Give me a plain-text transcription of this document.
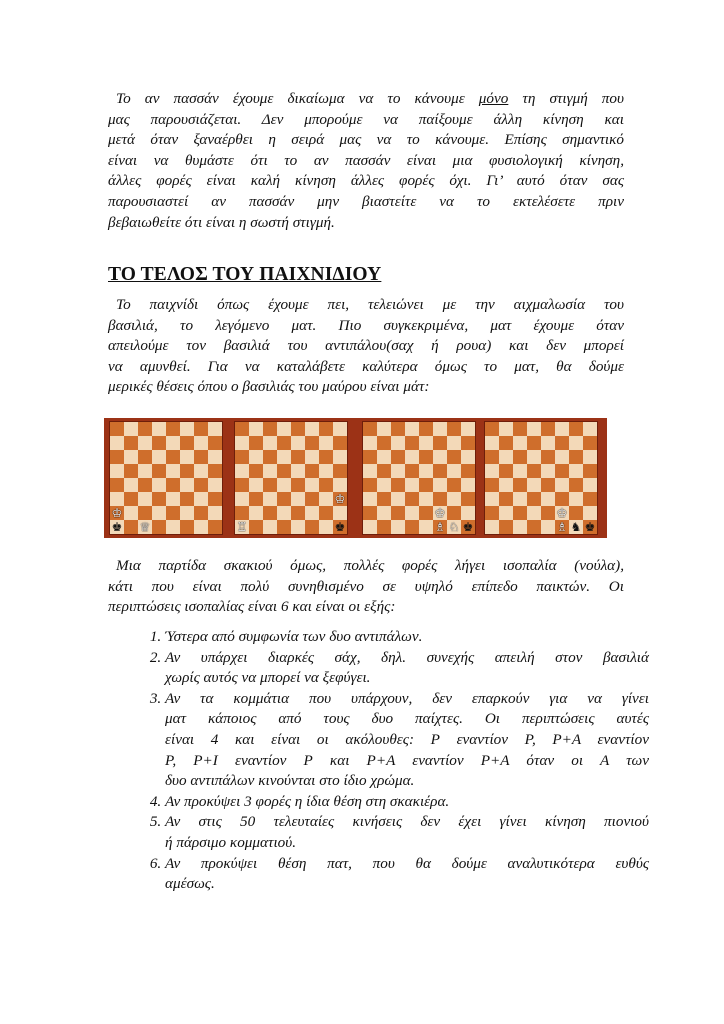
Το αν πασσάν έχουμε δικαίωμα να το κάνουμε μόνο τη στιγμή που
μας παρουσιάζεται. Δεν μπορούμε να παίξουμε άλλη κίνηση και
μετά όταν ξαναέρθει η σειρά μας να το κάνουμε. Επίσης σημαντικό
είναι να θυμάστε ότι το αν πασσάν είναι μια φυσιολογική κίνηση,
άλλες φορές είναι καλή κίνηση άλλες φορές όχι. Γι’ αυτό όταν σας
παρουσιαστεί αν πασσάν μην βιαστείτε να το εκτελέσετε πριν
βεβαιωθείτε ότι είναι η σωστή στιγμή.
ΤΟ ΤΕΛΟΣ ΤΟΥ ΠΑΙΧΝΙΔΙΟΥ
Το παιχνίδι όπως έχουμε πει, τελειώνει με την αιχμαλωσία του
βασιλιά, το λεγόμενο ματ. Πιο συγκεκριμένα, ματ έχουμε όταν
απειλούμε τον βασιλιά του αντιπάλου(σαχ ή ρουα) και δεν μπορεί
να αμυνθεί. Για να καταλάβετε καλύτερα όμως το ματ, θα δούμε
μερικές θέσεις όπου ο βασιλιάς του μαύρου είναι μάτ:
♔
♚ ♕
♔
♖	♚
♔
♗ ♘ ♚
♔
♗ ♞ ♚
Μια παρτίδα σκακιού όμως, πολλές φορές λήγει ισοπαλία (νούλα),
κάτι που είναι πολύ συνηθισμένο σε υψηλό επίπεδο παικτών. Οι
περιπτώσεις ισοπαλίας είναι 6 και είναι οι εξής:
1. Ύστερα από συμφωνία των δυο αντιπάλων.
2. Αν υπάρχει διαρκές σάχ, δηλ. συνεχής απειλή στον βασιλιά
χωρίς αυτός να μπορεί να ξεφύγει.
3. Αν τα κομμάτια που υπάρχουν, δεν επαρκούν για να γίνει
ματ κάποιος από τους δυο παίχτες. Οι περιπτώσεις αυτές
είναι 4 και είναι οι ακόλουθες: Ρ εναντίον Ρ, Ρ+Α εναντίον
Ρ, Ρ+Ι εναντίον Ρ και Ρ+Α εναντίον Ρ+Α όταν οι Α των
δυο αντιπάλων κινούνται στο ίδιο χρώμα.
4. Αν προκύψει 3 φορές η ίδια θέση στη σκακιέρα.
5. Αν στις 50 τελευταίες κινήσεις δεν έχει γίνει κίνηση πιονιού
ή πάρσιμο κομματιού.
6. Αν προκύψει θέση πατ, που θα δούμε αναλυτικότερα ευθύς
αμέσως.
